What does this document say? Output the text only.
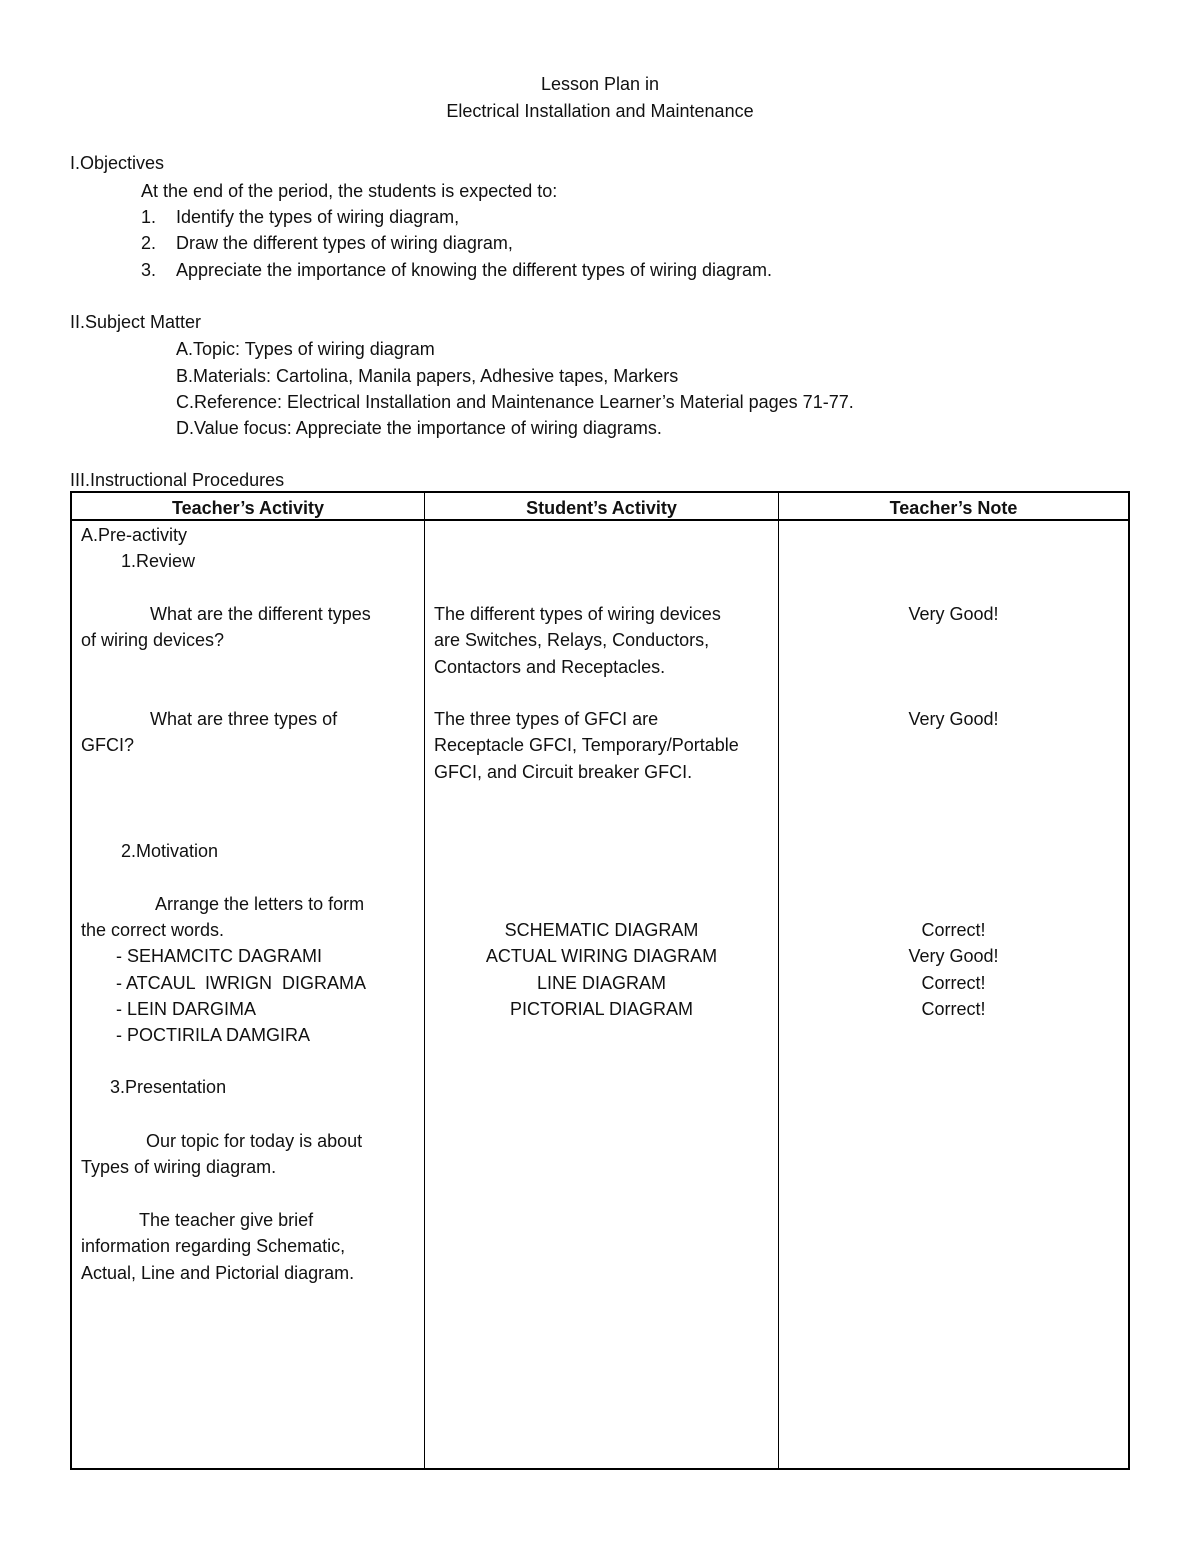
Lesson Plan in
Electrical Installation and Maintenance
I.Objectives
At the end of the period, the students is expected to:
1. Identify the types of wiring diagram,
2. Draw the different types of wiring diagram,
3. Appreciate the importance of knowing the different types of wiring diagram.
II.Subject Matter
A.Topic: Types of wiring diagram
B.Materials: Cartolina, Manila papers, Adhesive tapes, Markers
C.Reference: Electrical Installation and Maintenance Learner’s Material pages 71-77.
D.Value focus: Appreciate the importance of wiring diagrams.
III.Instructional Procedures
Teacher’s Activity	Student’s Activity	Teacher’s Note
A.Pre-activity
1.Review
What are the different types
of wiring devices?
What are three types of
GFCI?
2.Motivation
Arrange the letters to form
the correct words.
- SEHAMCITC DAGRAMI
- ATCAUL  IWRIGN  DIGRAMA
- LEIN DARGIMA
- POCTIRILA DAMGIRA
3.Presentation
Our topic for today is about
Types of wiring diagram.
The teacher give brief
information regarding Schematic,
Actual, Line and Pictorial diagram.
The different types of wiring devices
are Switches, Relays, Conductors,
Contactors and Receptacles.
The three types of GFCI are
Receptacle GFCI, Temporary/Portable
GFCI, and Circuit breaker GFCI.
SCHEMATIC DIAGRAM
ACTUAL WIRING DIAGRAM
LINE DIAGRAM
PICTORIAL DIAGRAM
Very Good!
Very Good!
Correct!
Very Good!
Correct!
Correct!
